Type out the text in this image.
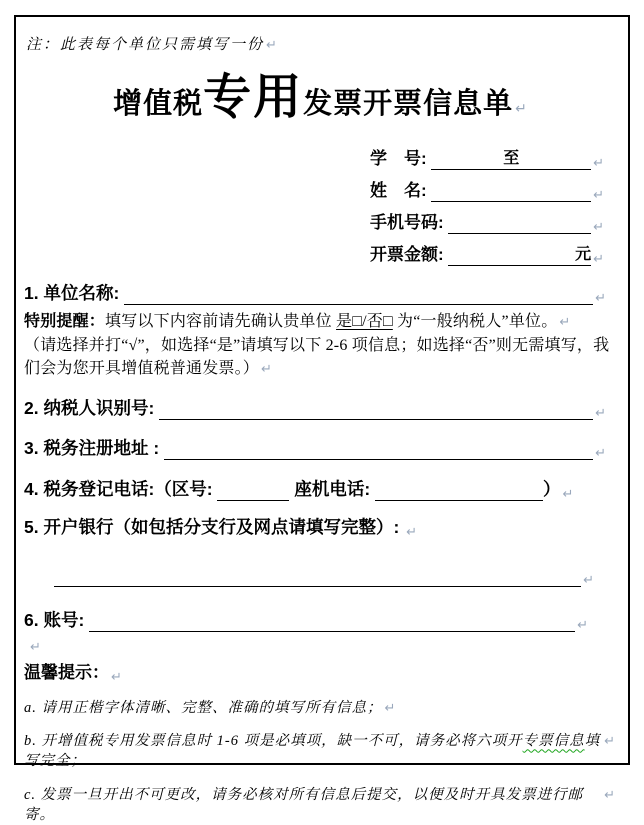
注：此表每个单位只需填写一份 ↵
增值税专用发票开票信息单 ↵
学　号:	至	↵
姓　名:	↵
手机号码:	↵
开票金额:	元 ↵
1. 单位名称:	↵
特别提醒：填写以下内容前请先确认贵单位 是□/否□ 为“一般纳税人”单位。 ↵
（请选择并打“√”，如选择“是”请填写以下 2-6 项信息；如选择“否”则无需填写，我们会为您开具增值税普通发票。） ↵
2. 纳税人识别号:	↵
3. 税务注册地址 :	↵
4. 税务登记电话:（区号:	座机电话:	） ↵
5. 开户银行（如包括分支行及网点请填写完整）: ↵
↵
6. 账号:	↵
↵
温馨提示： ↵
a. 请用正楷字体清晰、完整、准确的填写所有信息； ↵
b. 开增值税专用发票信息时 1-6 项是必填项，缺一不可，请务必将六项开专票信息填写完全；
↵
c. 发票一旦开出不可更改，请务必核对所有信息后提交，以便及时开具发票进行邮寄。
↵
